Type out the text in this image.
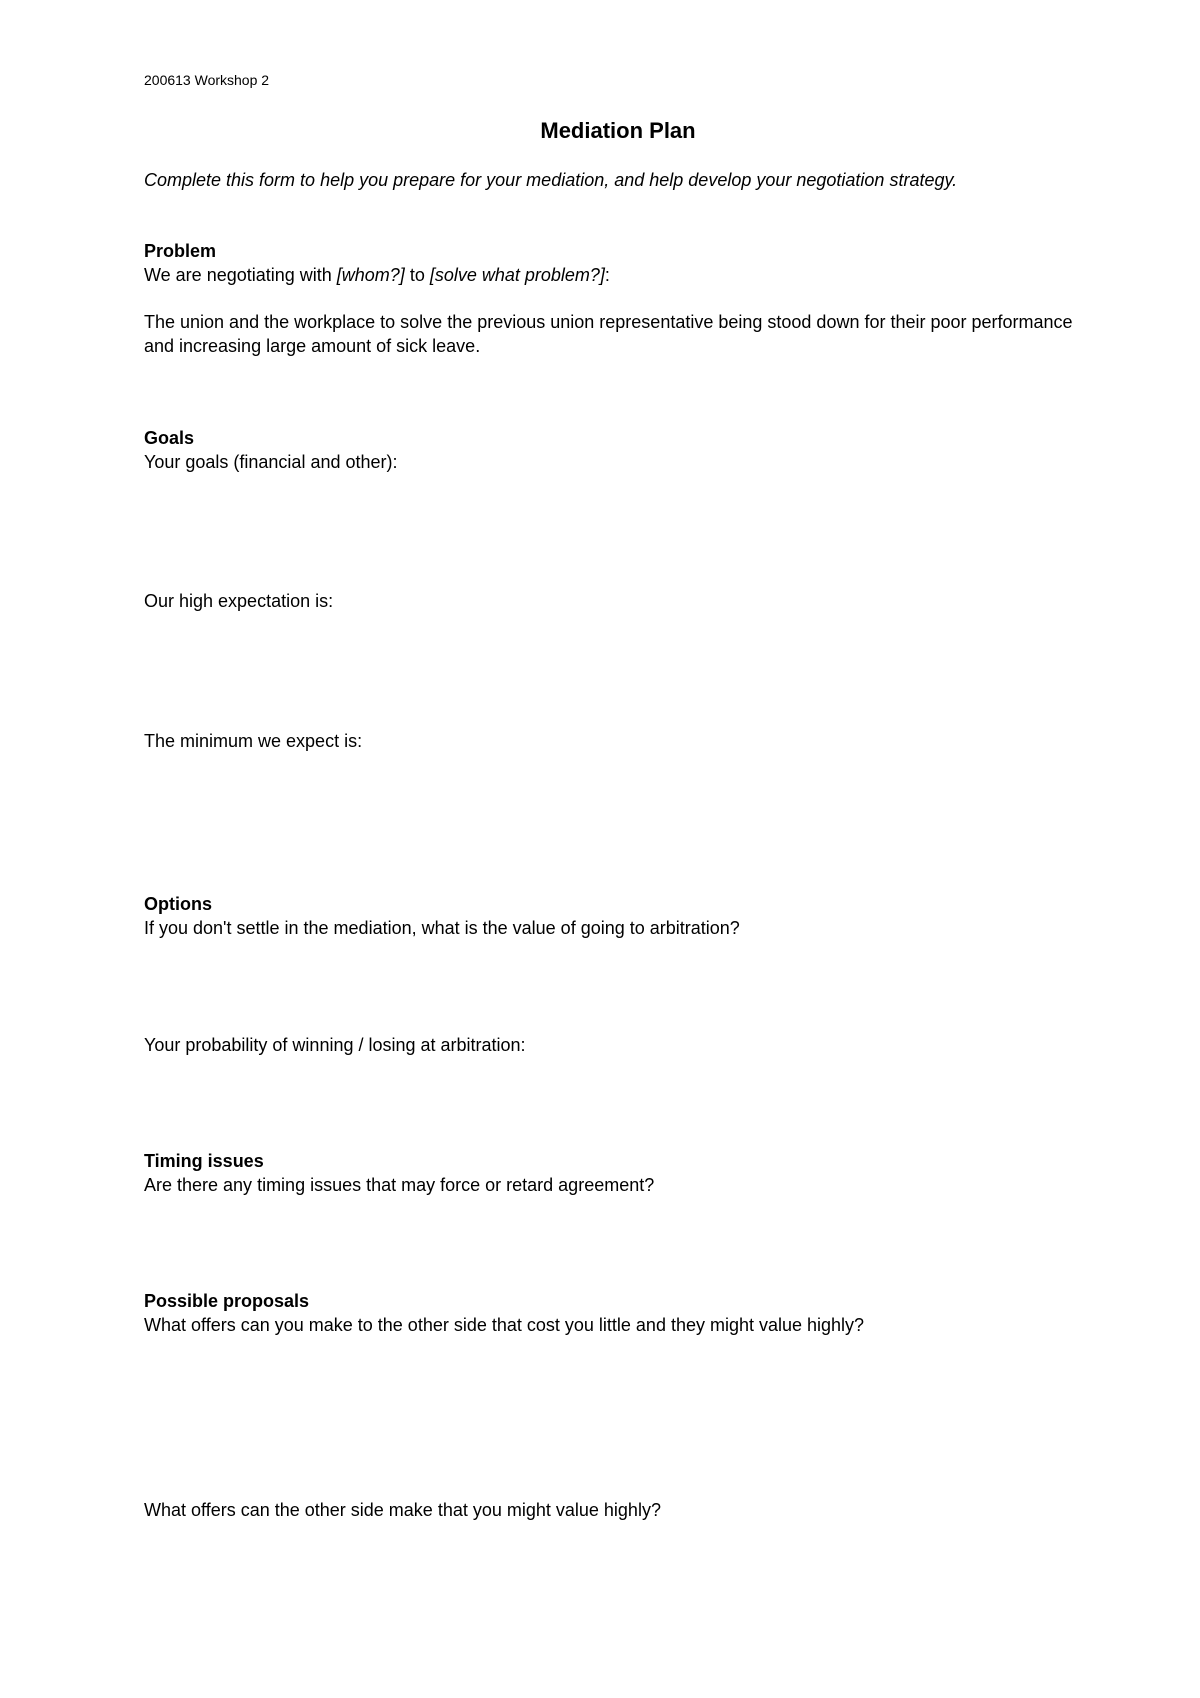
200613 Workshop 2
Mediation Plan
Complete this form to help you prepare for your mediation, and help develop your negotiation strategy.
Problem
We are negotiating with [whom?] to [solve what problem?]:
The union and the workplace to solve the previous union representative being stood down for their poor performance and increasing large amount of sick leave.
Goals
Your goals (financial and other):
Our high expectation is:
The minimum we expect is:
Options
If you don't settle in the mediation, what is the value of going to arbitration?
Your probability of winning / losing at arbitration:
Timing issues
Are there any timing issues that may force or retard agreement?
Possible proposals
What offers can you make to the other side that cost you little and they might value highly?
What offers can the other side make that you might value highly?
